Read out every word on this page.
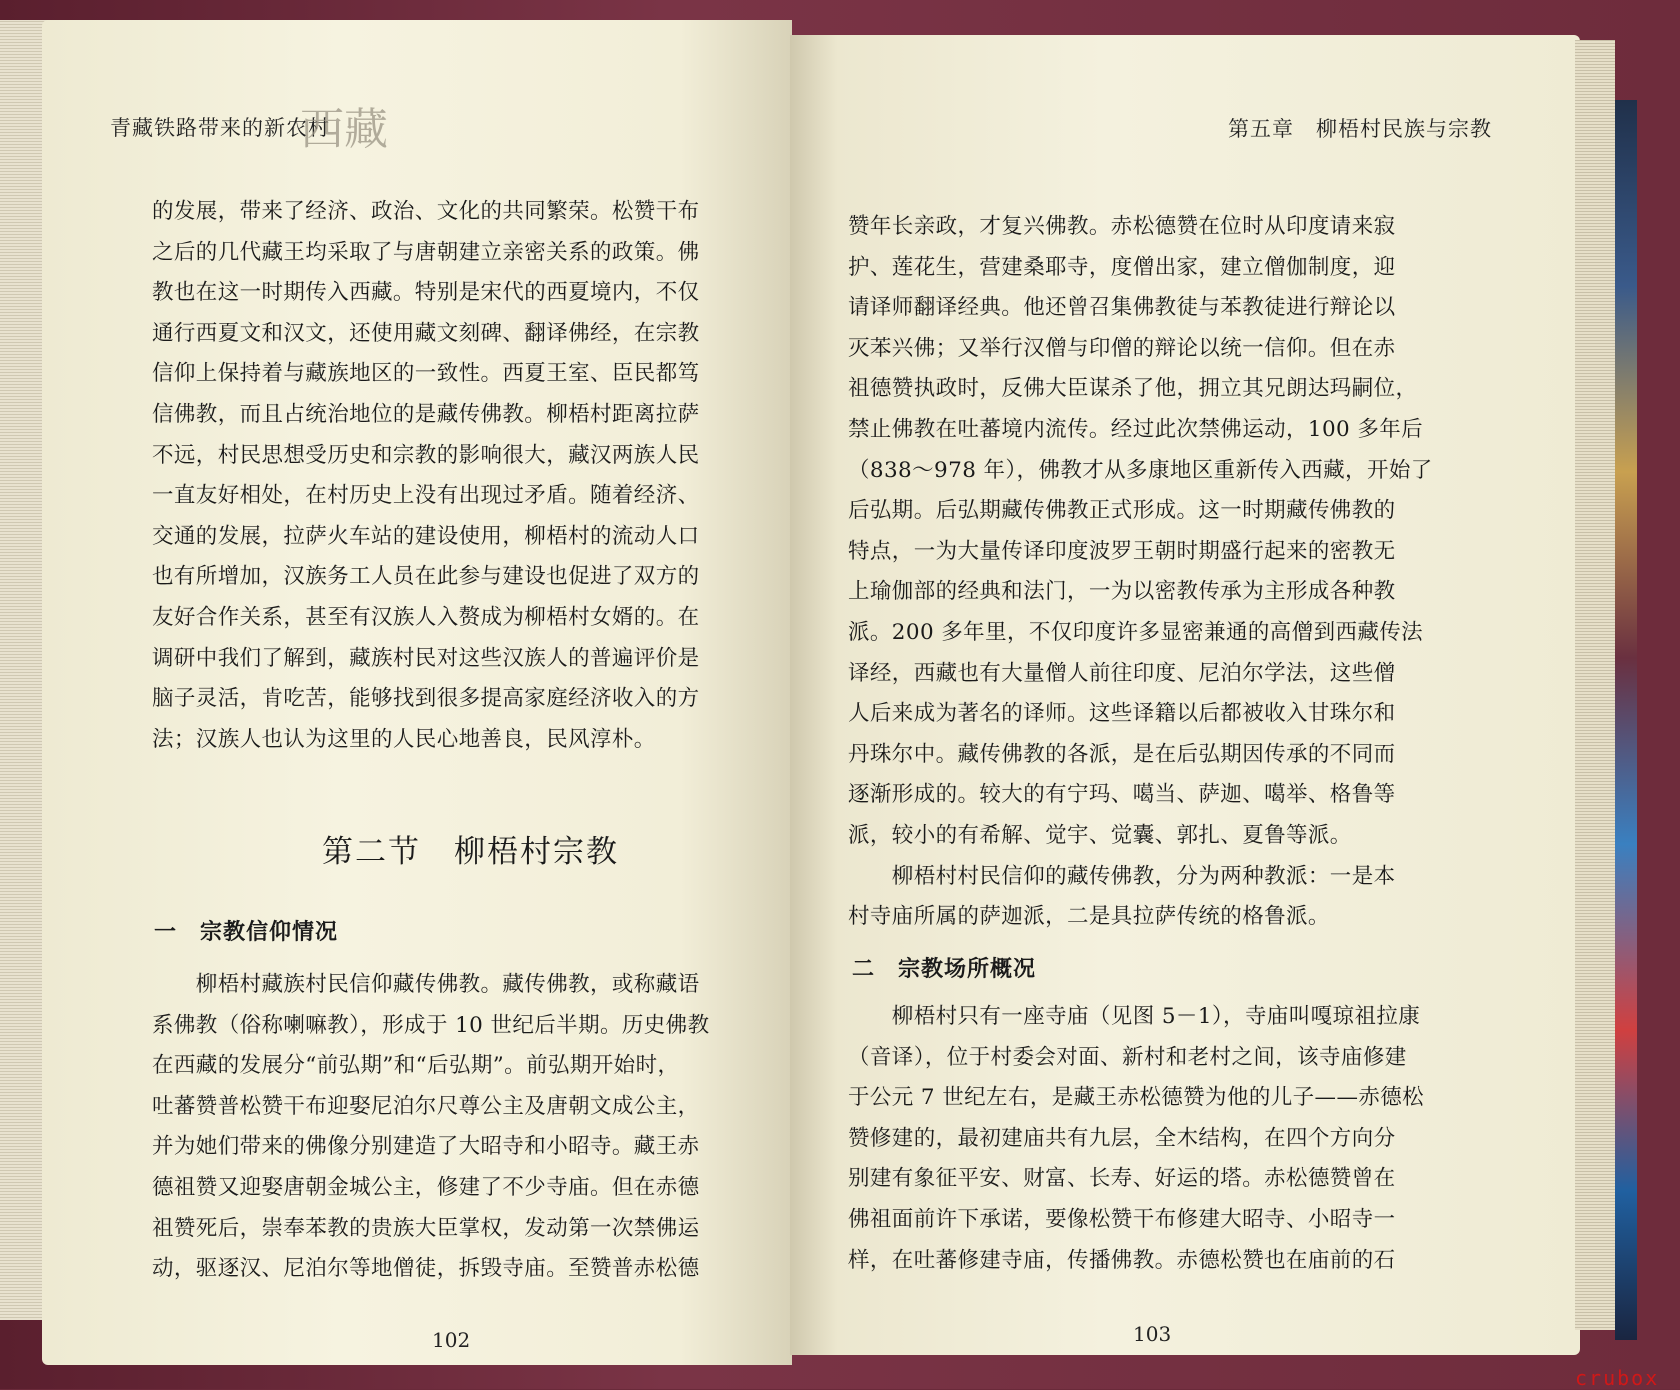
青藏铁路带来的新农村
西藏
的发展，带来了经济、政治、文化的共同繁荣。松赞干布
之后的几代藏王均采取了与唐朝建立亲密关系的政策。佛
教也在这一时期传入西藏。特别是宋代的西夏境内，不仅
通行西夏文和汉文，还使用藏文刻碑、翻译佛经，在宗教
信仰上保持着与藏族地区的一致性。西夏王室、臣民都笃
信佛教，而且占统治地位的是藏传佛教。柳梧村距离拉萨
不远，村民思想受历史和宗教的影响很大，藏汉两族人民
一直友好相处，在村历史上没有出现过矛盾。随着经济、
交通的发展，拉萨火车站的建设使用，柳梧村的流动人口
也有所增加，汉族务工人员在此参与建设也促进了双方的
友好合作关系，甚至有汉族人入赘成为柳梧村女婿的。在
调研中我们了解到，藏族村民对这些汉族人的普遍评价是
脑子灵活，肯吃苦，能够找到很多提高家庭经济收入的方
法；汉族人也认为这里的人民心地善良，民风淳朴。
第二节　柳梧村宗教
一　宗教信仰情况
　　柳梧村藏族村民信仰藏传佛教。藏传佛教，或称藏语
系佛教（俗称喇嘛教），形成于 10 世纪后半期。历史佛教
在西藏的发展分“前弘期”和“后弘期”。前弘期开始时，
吐蕃赞普松赞干布迎娶尼泊尔尺尊公主及唐朝文成公主，
并为她们带来的佛像分别建造了大昭寺和小昭寺。藏王赤
德祖赞又迎娶唐朝金城公主，修建了不少寺庙。但在赤德
祖赞死后，崇奉苯教的贵族大臣掌权，发动第一次禁佛运
动，驱逐汉、尼泊尔等地僧徒，拆毁寺庙。至赞普赤松德
102
第五章　柳梧村民族与宗教
赞年长亲政，才复兴佛教。赤松德赞在位时从印度请来寂
护、莲花生，营建桑耶寺，度僧出家，建立僧伽制度，迎
请译师翻译经典。他还曾召集佛教徒与苯教徒进行辩论以
灭苯兴佛；又举行汉僧与印僧的辩论以统一信仰。但在赤
祖德赞执政时，反佛大臣谋杀了他，拥立其兄朗达玛嗣位，
禁止佛教在吐蕃境内流传。经过此次禁佛运动，100 多年后
（838～978 年），佛教才从多康地区重新传入西藏，开始了
后弘期。后弘期藏传佛教正式形成。这一时期藏传佛教的
特点，一为大量传译印度波罗王朝时期盛行起来的密教无
上瑜伽部的经典和法门，一为以密教传承为主形成各种教
派。200 多年里，不仅印度许多显密兼通的高僧到西藏传法
译经，西藏也有大量僧人前往印度、尼泊尔学法，这些僧
人后来成为著名的译师。这些译籍以后都被收入甘珠尔和
丹珠尔中。藏传佛教的各派，是在后弘期因传承的不同而
逐渐形成的。较大的有宁玛、噶当、萨迦、噶举、格鲁等
派，较小的有希解、觉宇、觉囊、郭扎、夏鲁等派。
　　柳梧村村民信仰的藏传佛教，分为两种教派：一是本
村寺庙所属的萨迦派，二是具拉萨传统的格鲁派。
二　宗教场所概况
　　柳梧村只有一座寺庙（见图 5－1），寺庙叫嘎琼祖拉康
（音译），位于村委会对面、新村和老村之间，该寺庙修建
于公元 7 世纪左右，是藏王赤松德赞为他的儿子——赤德松
赞修建的，最初建庙共有九层，全木结构，在四个方向分
别建有象征平安、财富、长寿、好运的塔。赤松德赞曾在
佛祖面前许下承诺，要像松赞干布修建大昭寺、小昭寺一
样，在吐蕃修建寺庙，传播佛教。赤德松赞也在庙前的石
103
crubox
